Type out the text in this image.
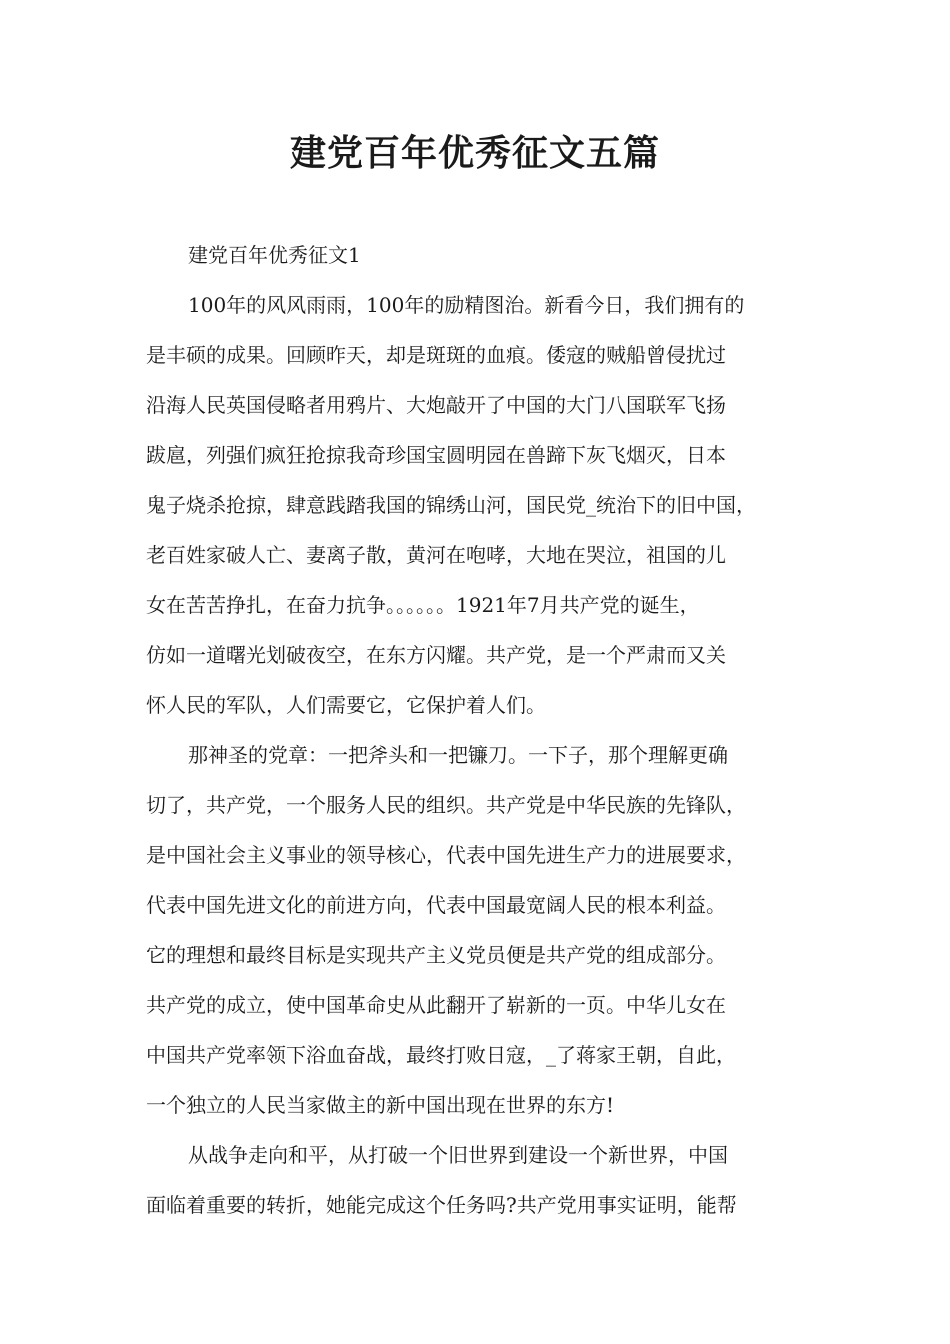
建党百年优秀征文五篇
建党百年优秀征文1
100年的风风雨雨，100年的励精图治。新看今日，我们拥有的
是丰硕的成果。回顾昨天，却是斑斑的血痕。倭寇的贼船曾侵扰过
沿海人民英国侵略者用鸦片、大炮敲开了中国的大门八国联军飞扬
跋扈，列强们疯狂抢掠我奇珍国宝圆明园在兽蹄下灰飞烟灭，日本
鬼子烧杀抢掠，肆意践踏我国的锦绣山河，国民党_统治下的旧中国，
老百姓家破人亡、妻离子散，黄河在咆哮，大地在哭泣，祖国的儿
女在苦苦挣扎，在奋力抗争。。。。。。1921年7月共产党的诞生，
仿如一道曙光划破夜空，在东方闪耀。共产党，是一个严肃而又关
怀人民的军队，人们需要它，它保护着人们。
那神圣的党章：一把斧头和一把镰刀。一下子，那个理解更确
切了，共产党，一个服务人民的组织。共产党是中华民族的先锋队，
是中国社会主义事业的领导核心，代表中国先进生产力的进展要求，
代表中国先进文化的前进方向，代表中国最宽阔人民的根本利益。
它的理想和最终目标是实现共产主义党员便是共产党的组成部分。
共产党的成立，使中国革命史从此翻开了崭新的一页。中华儿女在
中国共产党率领下浴血奋战，最终打败日寇，_了蒋家王朝，自此，
一个独立的人民当家做主的新中国出现在世界的东方!
从战争走向和平，从打破一个旧世界到建设一个新世界，中国
面临着重要的转折，她能完成这个任务吗?共产党用事实证明，能帮
